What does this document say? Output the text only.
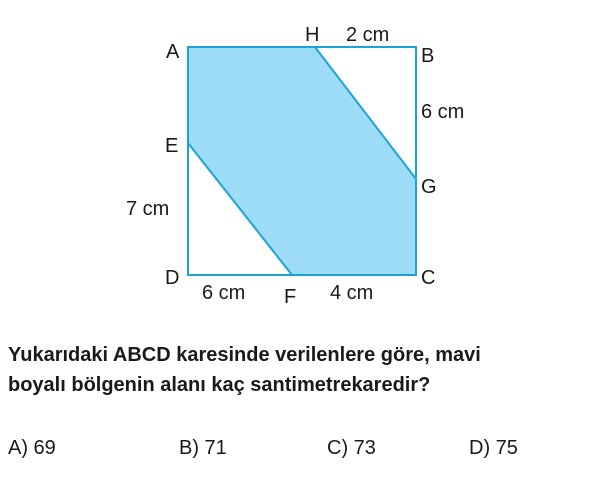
A
H
B
E
G
D	C
F
2 cm
6 cm
7 cm
6 cm	4 cm
Yukarıdaki ABCD karesinde verilenlere göre, mavi
boyalı bölgenin alanı kaç santimetrekaredir?
A) 69	B) 71	C) 73	D) 75
